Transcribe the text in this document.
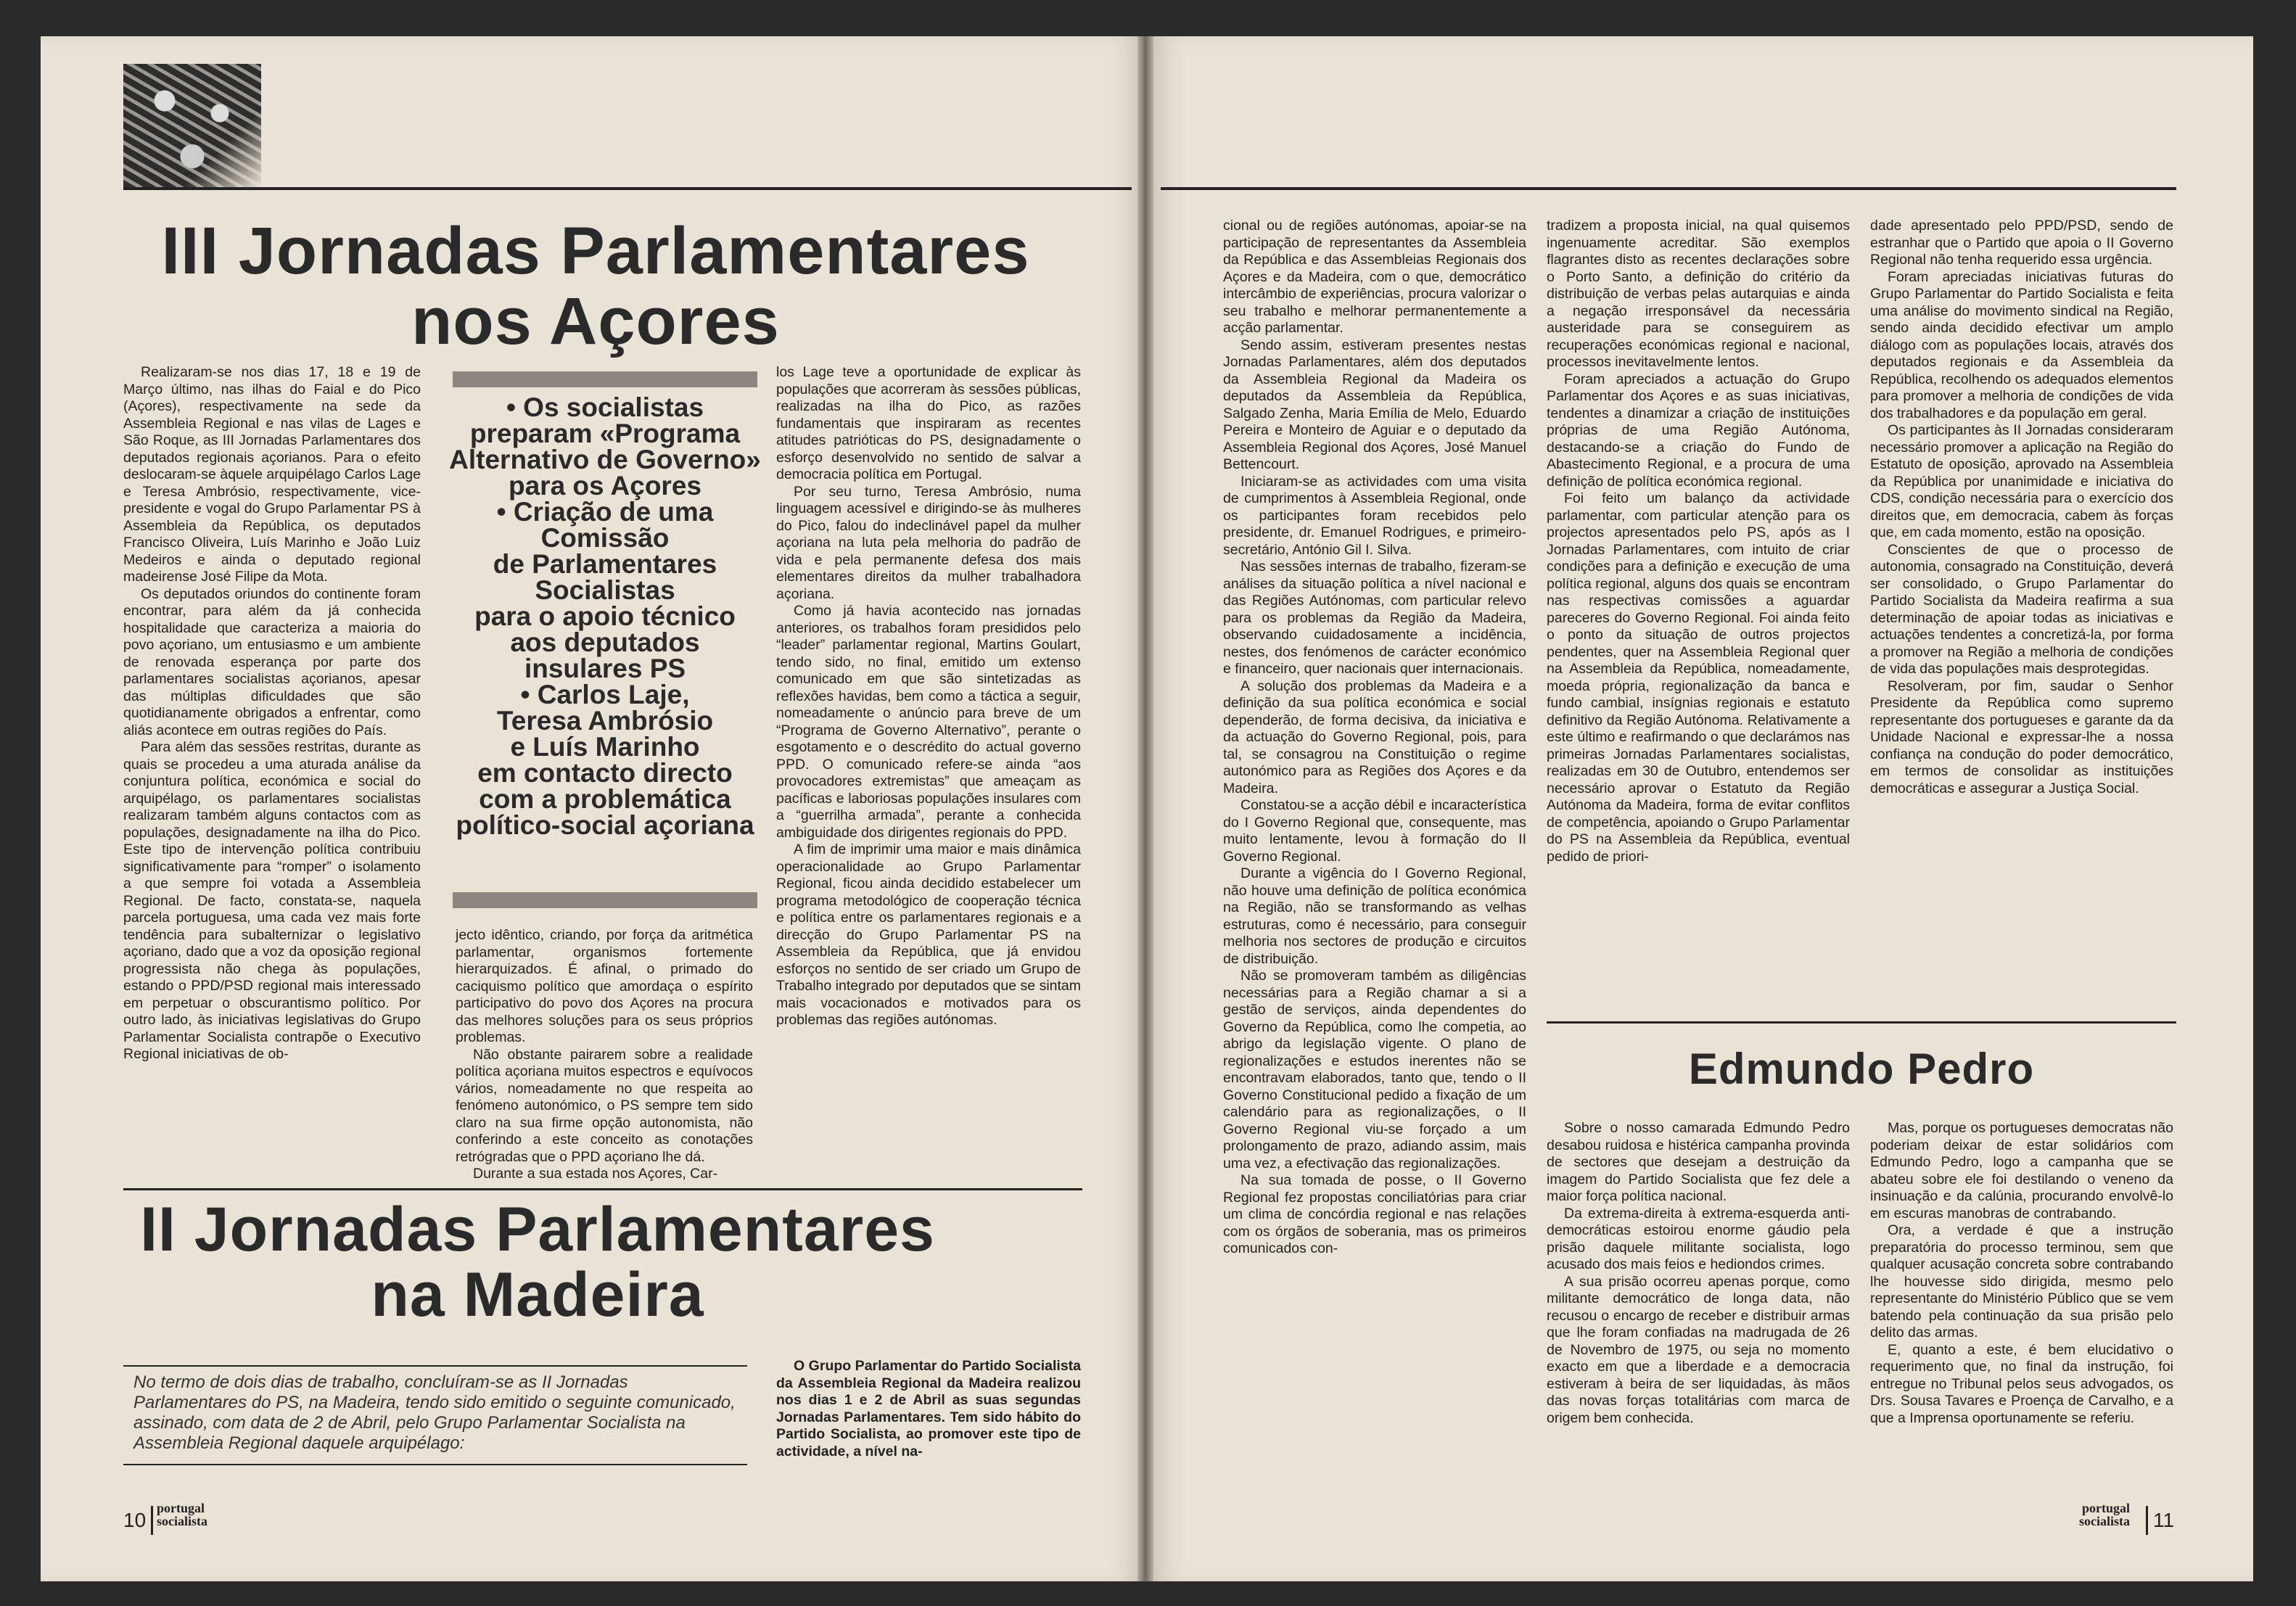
III Jornadas Parlamentares
nos Açores

Realizaram-se nos dias 17, 18 e 19 de Março último, nas ilhas do Faial e do Pico (Açores), respectivamente na sede da Assembleia Regional e nas vilas de Lages e São Roque, as III Jornadas Parlamentares dos deputados regionais açorianos. Para o efeito deslocaram-se àquele arquipélago Carlos Lage e Teresa Ambrósio, respectivamente, vice-presidente e vogal do Grupo Parlamentar PS à Assembleia da República, os deputados Francisco Oliveira, Luís Marinho e João Luiz Medeiros e ainda o deputado regional madeirense José Filipe da Mota.

Os deputados oriundos do continente foram encontrar, para além da já conhecida hospitalidade que caracteriza a maioria do povo açoriano, um entusiasmo e um ambiente de renovada esperança por parte dos parlamentares socialistas açorianos, apesar das múltiplas dificuldades que são quotidianamente obrigados a enfrentar, como aliás acontece em outras regiões do País.

Para além das sessões restritas, durante as quais se procedeu a uma aturada análise da conjuntura política, económica e social do arquipélago, os parlamentares socialistas realizaram também alguns contactos com as populações, designadamente na ilha do Pico. Este tipo de intervenção política contribuiu significativamente para “romper” o isolamento a que sempre foi votada a Assembleia Regional. De facto, constata-se, naquela parcela portuguesa, uma cada vez mais forte tendência para subalternizar o legislativo açoriano, dado que a voz da oposição regional progressista não chega às populações, estando o PPD/PSD regional mais interessado em perpetuar o obscurantismo político. Por outro lado, às iniciativas legislativas do Grupo Parlamentar Socialista contrapõe o Executivo Regional iniciativas de ob-

• Os socialistas
preparam «Programa
Alternativo de Governo»
para os Açores
• Criação de uma
Comissão
de Parlamentares
Socialistas
para o apoio técnico
aos deputados
insulares PS
• Carlos Laje,
Teresa Ambrósio
e Luís Marinho
em contacto directo
com a problemática
político-social açoriana

jecto idêntico, criando, por força da aritmética parlamentar, organismos fortemente hierarquizados. É afinal, o primado do caciquismo político que amordaça o espírito participativo do povo dos Açores na procura das melhores soluções para os seus próprios problemas.

Não obstante pairarem sobre a realidade política açoriana muitos espectros e equívocos vários, nomeadamente no que respeita ao fenómeno autonómico, o PS sempre tem sido claro na sua firme opção autonomista, não conferindo a este conceito as conotações retrógradas que o PPD açoriano lhe dá.

Durante a sua estada nos Açores, Car-

los Lage teve a oportunidade de explicar às populações que acorreram às sessões públicas, realizadas na ilha do Pico, as razões fundamentais que inspiraram as recentes atitudes patrióticas do PS, designadamente o esforço desenvolvido no sentido de salvar a democracia política em Portugal.

Por seu turno, Teresa Ambrósio, numa linguagem acessível e dirigindo-se às mulheres do Pico, falou do indeclinável papel da mulher açoriana na luta pela melhoria do padrão de vida e pela permanente defesa dos mais elementares direitos da mulher trabalhadora açoriana.

Como já havia acontecido nas jornadas anteriores, os trabalhos foram presididos pelo “leader” parlamentar regional, Martins Goulart, tendo sido, no final, emitido um extenso comunicado em que são sintetizadas as reflexões havidas, bem como a táctica a seguir, nomeadamente o anúncio para breve de um “Programa de Governo Alternativo”, perante o esgotamento e o descrédito do actual governo PPD. O comunicado refere-se ainda “aos provocadores extremistas” que ameaçam as pacíficas e laboriosas populações insulares com a “guerrilha armada”, perante a conhecida ambiguidade dos dirigentes regionais do PPD.

A fim de imprimir uma maior e mais dinâmica operacionalidade ao Grupo Parlamentar Regional, ficou ainda decidido estabelecer um programa metodológico de cooperação técnica e política entre os parlamentares regionais e a direcção do Grupo Parlamentar PS na Assembleia da República, que já envidou esforços no sentido de ser criado um Grupo de Trabalho integrado por deputados que se sintam mais vocacionados e motivados para os problemas das regiões autónomas.

II Jornadas Parlamentares
na Madeira
No termo de dois dias de trabalho, concluíram-se as II Jornadas Parlamentares do PS, na Madeira, tendo sido emitido o seguinte comunicado, assinado, com data de 2 de Abril, pelo Grupo Parlamentar Socialista na Assembleia Regional daquele arquipélago:

O Grupo Parlamentar do Partido Socialista da Assembleia Regional da Madeira realizou nos dias 1 e 2 de Abril as suas segundas Jornadas Parlamentares. Tem sido hábito do Partido Socialista, ao promover este tipo de actividade, a nível na-

10
portugal
socialista

cional ou de regiões autónomas, apoiar-se na participação de representantes da Assembleia da República e das Assembleias Regionais dos Açores e da Madeira, com o que, democrático intercâmbio de experiências, procura valorizar o seu trabalho e melhorar permanentemente a acção parlamentar.

Sendo assim, estiveram presentes nestas Jornadas Parlamentares, além dos deputados da Assembleia Regional da Madeira os deputados da Assembleia da República, Salgado Zenha, Maria Emília de Melo, Eduardo Pereira e Monteiro de Aguiar e o deputado da Assembleia Regional dos Açores, José Manuel Bettencourt.

Iniciaram-se as actividades com uma visita de cumprimentos à Assembleia Regional, onde os participantes foram recebidos pelo presidente, dr. Emanuel Rodrigues, e primeiro-secretário, António Gil I. Silva.

Nas sessões internas de trabalho, fizeram-se análises da situação política a nível nacional e das Regiões Autónomas, com particular relevo para os problemas da Região da Madeira, observando cuidadosamente a incidência, nestes, dos fenómenos de carácter económico e financeiro, quer nacionais quer internacionais.

A solução dos problemas da Madeira e a definição da sua política económica e social dependerão, de forma decisiva, da iniciativa e da actuação do Governo Regional, pois, para tal, se consagrou na Constituição o regime autonómico para as Regiões dos Açores e da Madeira.

Constatou-se a acção débil e incaracterística do I Governo Regional que, consequente, mas muito lentamente, levou à formação do II Governo Regional.

Durante a vigência do I Governo Regional, não houve uma definição de política económica na Região, não se transformando as velhas estruturas, como é necessário, para conseguir melhoria nos sectores de produção e circuitos de distribuição.

Não se promoveram também as diligências necessárias para a Região chamar a si a gestão de serviços, ainda dependentes do Governo da República, como lhe competia, ao abrigo da legislação vigente. O plano de regionalizações e estudos inerentes não se encontravam elaborados, tanto que, tendo o II Governo Constitucional pedido a fixação de um calendário para as regionalizações, o II Governo Regional viu-se forçado a um prolongamento de prazo, adiando assim, mais uma vez, a efectivação das regionalizações.

Na sua tomada de posse, o II Governo Regional fez propostas conciliatórias para criar um clima de concórdia regional e nas relações com os órgãos de soberania, mas os primeiros comunicados con-

tradizem a proposta inicial, na qual quisemos ingenuamente acreditar. São exemplos flagrantes disto as recentes declarações sobre o Porto Santo, a definição do critério da distribuição de verbas pelas autarquias e ainda a negação irresponsável da necessária austeridade para se conseguirem as recuperações económicas regional e nacional, processos inevitavelmente lentos.

Foram apreciados a actuação do Grupo Parlamentar dos Açores e as suas iniciativas, tendentes a dinamizar a criação de instituições próprias de uma Região Autónoma, destacando-se a criação do Fundo de Abastecimento Regional, e a procura de uma definição de política económica regional.

Foi feito um balanço da actividade parlamentar, com particular atenção para os projectos apresentados pelo PS, após as I Jornadas Parlamentares, com intuito de criar condições para a definição e execução de uma política regional, alguns dos quais se encontram nas respectivas comissões a aguardar pareceres do Governo Regional. Foi ainda feito o ponto da situação de outros projectos pendentes, quer na Assembleia Regional quer na Assembleia da República, nomeadamente, moeda própria, regionalização da banca e fundo cambial, insígnias regionais e estatuto definitivo da Região Autónoma. Relativamente a este último e reafirmando o que declarámos nas primeiras Jornadas Parlamentares socialistas, realizadas em 30 de Outubro, entendemos ser necessário aprovar o Estatuto da Região Autónoma da Madeira, forma de evitar conflitos de competência, apoiando o Grupo Parlamentar do PS na Assembleia da República, eventual pedido de priori-

dade apresentado pelo PPD/PSD, sendo de estranhar que o Partido que apoia o II Governo Regional não tenha requerido essa urgência.

Foram apreciadas iniciativas futuras do Grupo Parlamentar do Partido Socialista e feita uma análise do movimento sindical na Região, sendo ainda decidido efectivar um amplo diálogo com as populações locais, através dos deputados regionais e da Assembleia da República, recolhendo os adequados elementos para promover a melhoria de condições de vida dos trabalhadores e da população em geral.

Os participantes às II Jornadas consideraram necessário promover a aplicação na Região do Estatuto de oposição, aprovado na Assembleia da República por unanimidade e iniciativa do CDS, condição necessária para o exercício dos direitos que, em democracia, cabem às forças que, em cada momento, estão na oposição.

Conscientes de que o processo de autonomia, consagrado na Constituição, deverá ser consolidado, o Grupo Parlamentar do Partido Socialista da Madeira reafirma a sua determinação de apoiar todas as iniciativas e actuações tendentes a concretizá-la, por forma a promover na Região a melhoria de condições de vida das populações mais desprotegidas.

Resolveram, por fim, saudar o Senhor Presidente da República como supremo representante dos portugueses e garante da da Unidade Nacional e expressar-lhe a nossa confiança na condução do poder democrático, em termos de consolidar as instituições democráticas e assegurar a Justiça Social.

Edmundo Pedro

Sobre o nosso camarada Edmundo Pedro desabou ruidosa e histérica campanha provinda de sectores que desejam a destruição da imagem do Partido Socialista que fez dele a maior força política nacional.

Da extrema-direita à extrema-esquerda anti-democráticas estoirou enorme gáudio pela prisão daquele militante socialista, logo acusado dos mais feios e hediondos crimes.

A sua prisão ocorreu apenas porque, como militante democrático de longa data, não recusou o encargo de receber e distribuir armas que lhe foram confiadas na madrugada de 26 de Novembro de 1975, ou seja no momento exacto em que a liberdade e a democracia estiveram à beira de ser liquidadas, às mãos das novas forças totalitárias com marca de origem bem conhecida.

Mas, porque os portugueses democratas não poderiam deixar de estar solidários com Edmundo Pedro, logo a campanha que se abateu sobre ele foi destilando o veneno da insinuação e da calúnia, procurando envolvê-lo em escuras manobras de contrabando.

Ora, a verdade é que a instrução preparatória do processo terminou, sem que qualquer acusação concreta sobre contrabando lhe houvesse sido dirigida, mesmo pelo representante do Ministério Público que se vem batendo pela continuação da sua prisão pelo delito das armas.

E, quanto a este, é bem elucidativo o requerimento que, no final da instrução, foi entregue no Tribunal pelos seus advogados, os Drs. Sousa Tavares e Proença de Carvalho, e a que a Imprensa oportunamente se referiu.

portugal
socialista 11
